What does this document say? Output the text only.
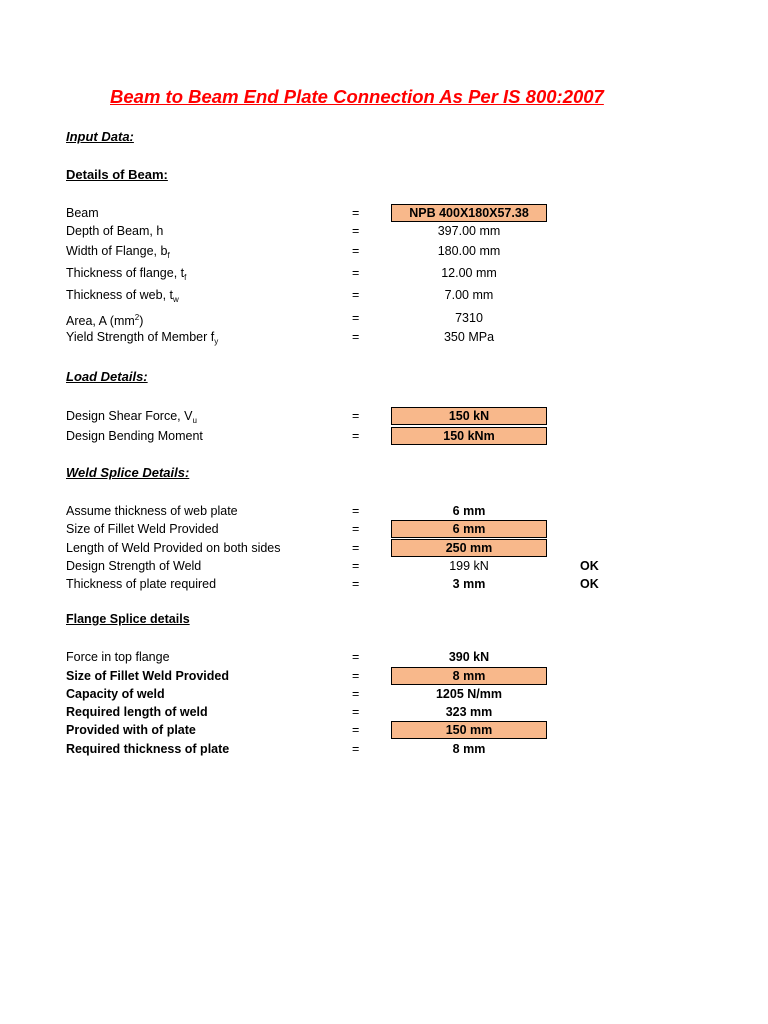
Beam to Beam End Plate Connection As Per IS 800:2007
Input Data:
Details of Beam:
Beam	=	NPB 400X180X57.38
Depth of Beam, h	=	397.00 mm
Width of Flange, $b_f$	=	180.00 mm
Thickness of flange, $t_f$	=	12.00 mm
Thickness of web, $t_w$	=	7.00 mm
Area, A $(mm^2)$	=	7310
Yield Strength of Member $f_y$	=	350 MPa
Load Details:
Design Shear Force, $V_u$	=	150 kN
Design Bending Moment	=	150 kNm
Weld Splice Details:
Assume thickness of web plate	=	6 mm
Size of Fillet Weld Provided	=	6 mm
Length of Weld Provided on both sides	=	250 mm
Design Strength of Weld	=	199 kN	OK
Thickness of plate required	=	3 mm	OK
Flange Splice details
Force in top flange	=	390 kN
Size of Fillet Weld Provided	=	8 mm
Capacity of weld	=	1205 N/mm
Required length of weld	=	323 mm
Provided with of plate	=	150 mm
Required thickness of plate	=	8 mm
